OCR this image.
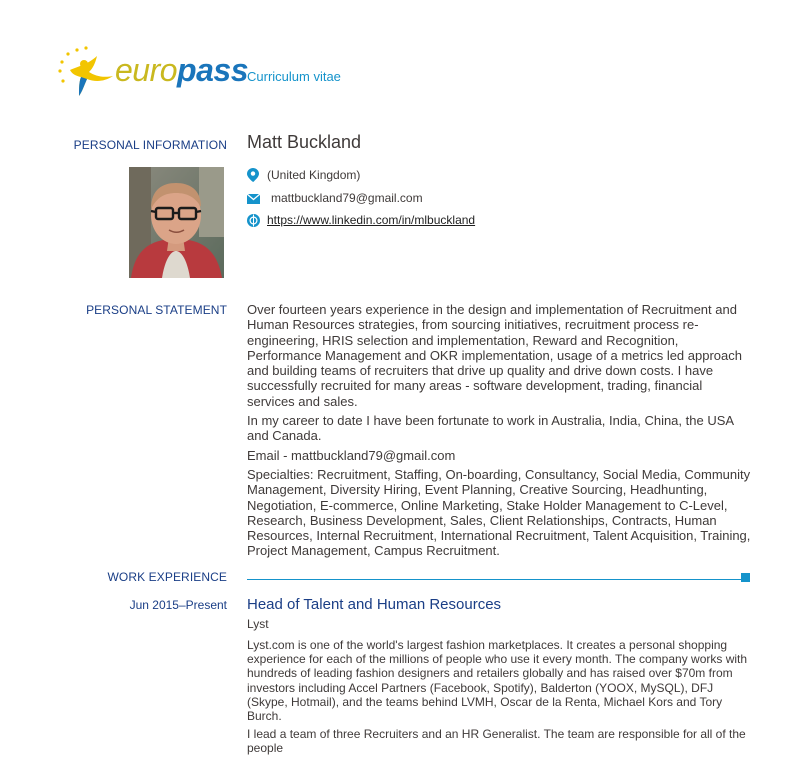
europass Curriculum vitae
PERSONAL INFORMATION Matt Buckland
(United Kingdom)
mattbuckland79@gmail.com
https://www.linkedin.com/in/mlbuckland
PERSONAL STATEMENT Over fourteen years experience in the design and implementation of Recruitment and Human Resources strategies, from sourcing initiatives, recruitment process re-engineering, HRIS selection and implementation, Reward and Recognition, Performance Management and OKR implementation, usage of a metrics led approach and building teams of recruiters that drive up quality and drive down costs. I have successfully recruited for many areas - software development, trading, financial services and sales.

In my career to date I have been fortunate to work in Australia, India, China, the USA and Canada.

Email - mattbuckland79@gmail.com

Specialties: Recruitment, Staffing, On-boarding, Consultancy, Social Media, Community Management, Diversity Hiring, Event Planning, Creative Sourcing, Headhunting, Negotiation, E-commerce, Online Marketing, Stake Holder Management to C-Level, Research, Business Development, Sales, Client Relationships, Contracts, Human Resources, Internal Recruitment, International Recruitment, Talent Acquisition, Training, Project Management, Campus Recruitment.

WORK EXPERIENCE
Jun 2015–Present Head of Talent and Human Resources
Lyst

Lyst.com is one of the world's largest fashion marketplaces. It creates a personal shopping experience for each of the millions of people who use it every month. The company works with hundreds of leading fashion designers and retailers globally and has raised over $70m from investors including Accel Partners (Facebook, Spotify), Balderton (YOOX, MySQL), DFJ (Skype, Hotmail), and the teams behind LVMH, Oscar de la Renta, Michael Kors and Tory Burch.

I lead a team of three Recruiters and an HR Generalist. The team are responsible for all of the people
